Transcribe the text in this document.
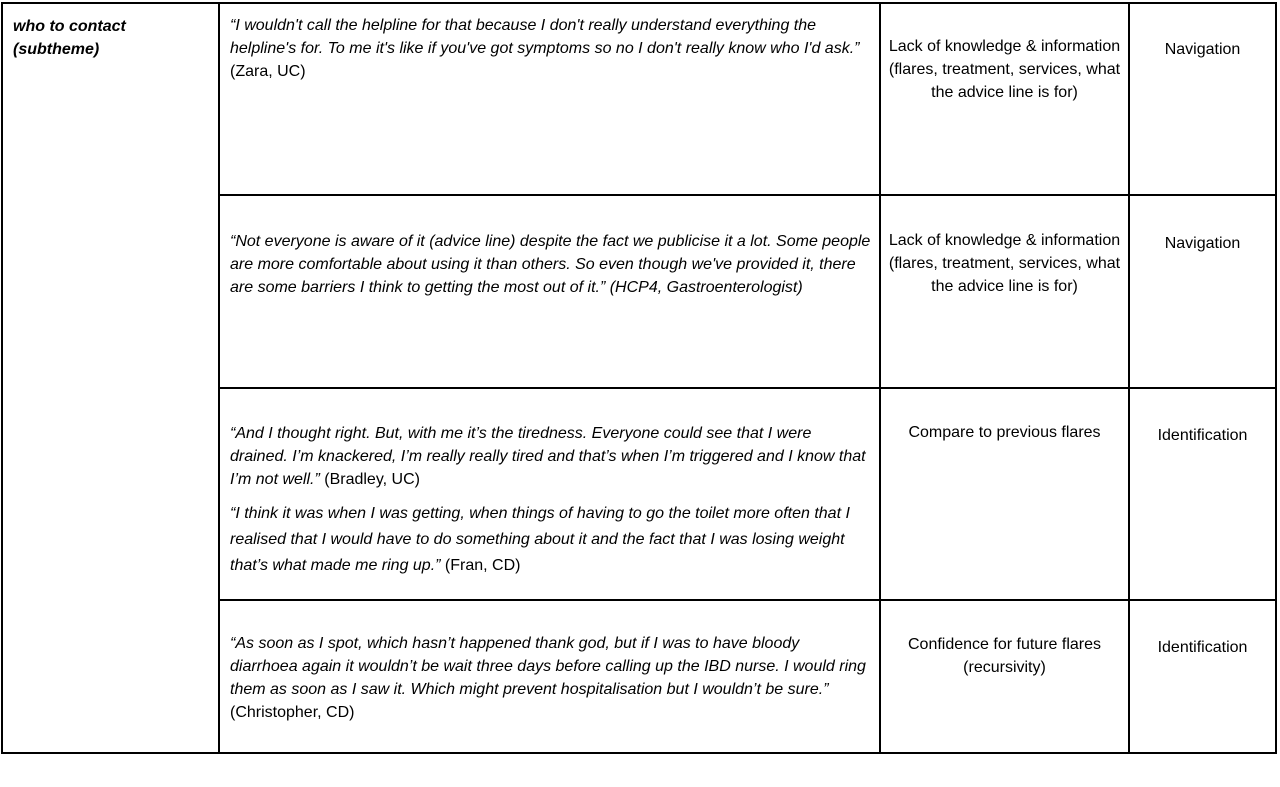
who to contact
(subtheme)

“I wouldn't call the helpline for that because I don't really understand everything the helpline's for. To me it's like if you've got symptoms so no I don't really know who I'd ask.” (Zara, UC)

Lack of knowledge & information (flares, treatment, services, what the advice line is for)
Navigation

“Not everyone is aware of it (advice line) despite the fact we publicise it a lot. Some people are more comfortable about using it than others. So even though we've provided it, there are some barriers I think to getting the most out of it.” (HCP4, Gastroenterologist)

Lack of knowledge & information (flares, treatment, services, what the advice line is for)
Navigation

“And I thought right. But, with me it’s the tiredness. Everyone could see that I were drained. I’m knackered, I’m really really tired and that’s when I’m triggered and I know that I’m not well.” (Bradley, UC)

“I think it was when I was getting, when things of having to go the toilet more often that I realised that I would have to do something about it and the fact that I was losing weight that’s what made me ring up.” (Fran, CD)

Compare to previous flares	Identification

“As soon as I spot, which hasn’t happened thank god, but if I was to have bloody diarrhoea again it wouldn’t be wait three days before calling up the IBD nurse. I would ring them as soon as I saw it. Which might prevent hospitalisation but I wouldn’t be sure.” (Christopher, CD)

Confidence for future flares (recursivity)
Identification
